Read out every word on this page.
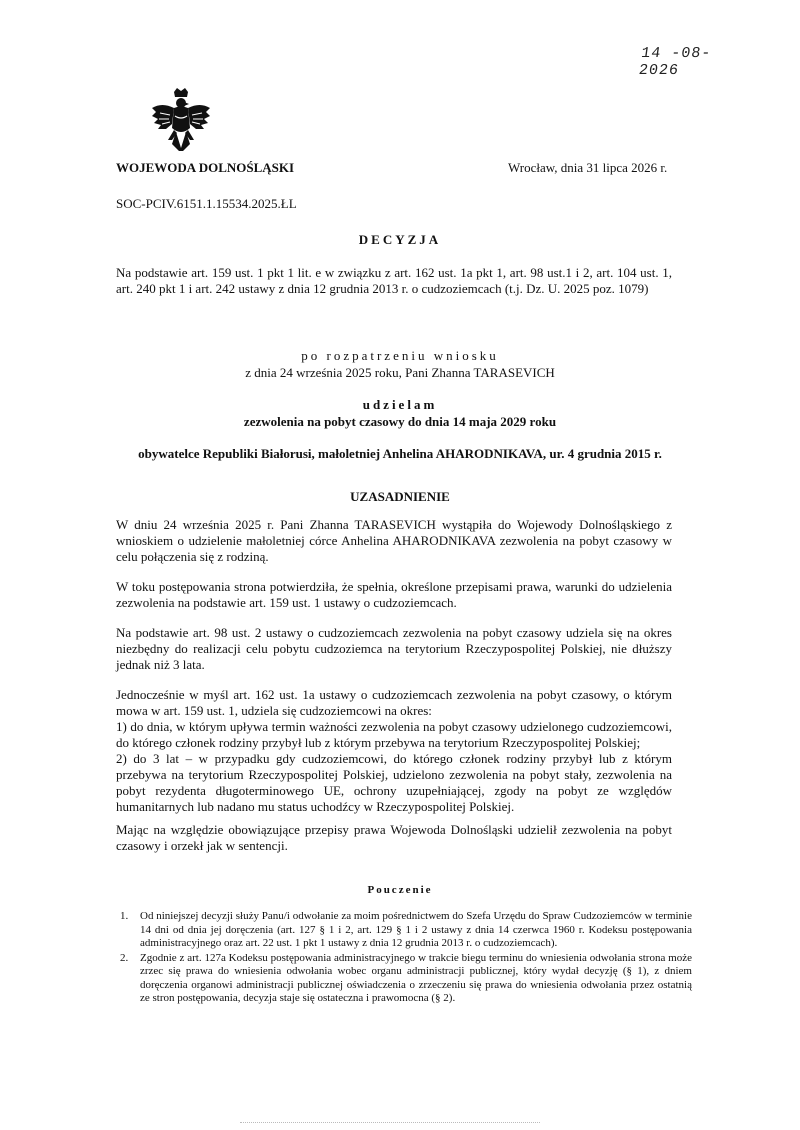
14 -08- 2026
WOJEWODA DOLNOŚLĄSKI	Wrocław, dnia 31 lipca 2026 r.
SOC-PCIV.6151.1.15534.2025.ŁL
DECYZJA
Na podstawie art. 159 ust. 1 pkt 1 lit. e w związku z art. 162 ust. 1a pkt 1, art. 98 ust.1 i 2, art. 104 ust. 1, art. 240 pkt 1 i art. 242 ustawy z dnia 12 grudnia 2013 r. o cudzoziemcach (t.j. Dz. U. 2025 poz. 1079)
po rozpatrzeniu wniosku
z dnia 24 września 2025 roku, Pani Zhanna TARASEVICH
udzielam
zezwolenia na pobyt czasowy do dnia 14 maja 2029 roku
obywatelce Republiki Białorusi, małoletniej Anhelina AHARODNIKAVA, ur. 4 grudnia 2015 r.
UZASADNIENIE

W dniu 24 września 2025 r. Pani Zhanna TARASEVICH wystąpiła do Wojewody Dolnośląskiego z wnioskiem o udzielenie małoletniej córce Anhelina AHARODNIKAVA zezwolenia na pobyt czasowy w celu połączenia się z rodziną.

W toku postępowania strona potwierdziła, że spełnia, określone przepisami prawa, warunki do udzielenia zezwolenia na podstawie art. 159 ust. 1 ustawy o cudzoziemcach.

Na podstawie art. 98 ust. 2 ustawy o cudzoziemcach zezwolenia na pobyt czasowy udziela się na okres niezbędny do realizacji celu pobytu cudzoziemca na terytorium Rzeczypospolitej Polskiej, nie dłuższy jednak niż 3 lata.

Jednocześnie w myśl art. 162 ust. 1a ustawy o cudzoziemcach zezwolenia na pobyt czasowy, o którym mowa w art. 159 ust. 1, udziela się cudzoziemcowi na okres:

1) do dnia, w którym upływa termin ważności zezwolenia na pobyt czasowy udzielonego cudzoziemcowi, do którego członek rodziny przybył lub z którym przebywa na terytorium Rzeczypospolitej Polskiej;

2) do 3 lat – w przypadku gdy cudzoziemcowi, do którego członek rodziny przybył lub z którym przebywa na terytorium Rzeczypospolitej Polskiej, udzielono zezwolenia na pobyt stały, zezwolenia na pobyt rezydenta długoterminowego UE, ochrony uzupełniającej, zgody na pobyt ze względów humanitarnych lub nadano mu status uchodźcy w Rzeczypospolitej Polskiej.

Mając na względzie obowiązujące przepisy prawa Wojewoda Dolnośląski udzielił zezwolenia na pobyt czasowy i orzekł jak w sentencji.

Pouczenie
1.	Od niniejszej decyzji służy Panu/i odwołanie za moim pośrednictwem do Szefa Urzędu do Spraw Cudzoziemców w terminie 14 dni od dnia jej doręczenia (art. 127 § 1 i 2, art. 129 § 1 i 2 ustawy z dnia 14 czerwca 1960 r. Kodeksu postępowania administracyjnego oraz art. 22 ust. 1 pkt 1 ustawy z dnia 12 grudnia 2013 r. o cudzoziemcach).
2.	Zgodnie z art. 127a Kodeksu postępowania administracyjnego w trakcie biegu terminu do wniesienia odwołania strona może zrzec się prawa do wniesienia odwołania wobec organu administracji publicznej, który wydał decyzję (§ 1), z dniem doręczenia organowi administracji publicznej oświadczenia o zrzeczeniu się prawa do wniesienia odwołania przez ostatnią ze stron postępowania, decyzja staje się ostateczna i prawomocna (§ 2).
